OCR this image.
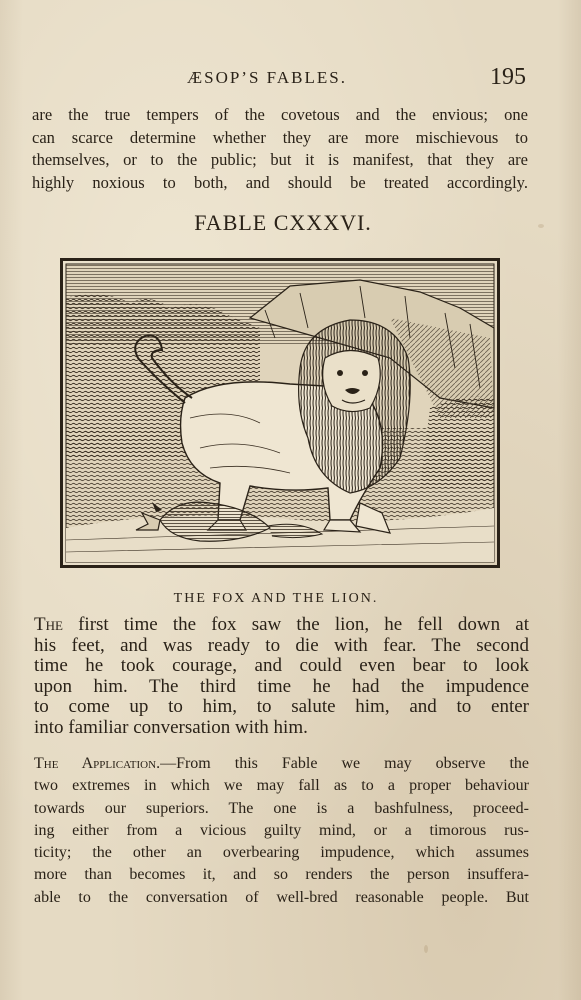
ÆSOP’S FABLES.	195
are the true tempers of the covetous and the envious; one
can scarce determine whether they are more mischievous to
themselves, or to the public; but it is manifest, that they are
highly noxious to both, and should be treated accordingly.
FABLE CXXXVI.
THE FOX AND THE LION.
The first time the fox saw the lion, he fell down at
his feet, and was ready to die with fear. The second
time he took courage, and could even bear to look
upon him. The third time he had the impudence
to come up to him, to salute him, and to enter
into familiar conversation with him.
The Application.—From this Fable we may observe the
two extremes in which we may fall as to a proper behaviour
towards our superiors. The one is a bashfulness, proceed-
ing either from a vicious guilty mind, or a timorous rus-
ticity; the other an overbearing impudence, which assumes
more than becomes it, and so renders the person insuffera-
able to the conversation of well-bred reasonable people. But
